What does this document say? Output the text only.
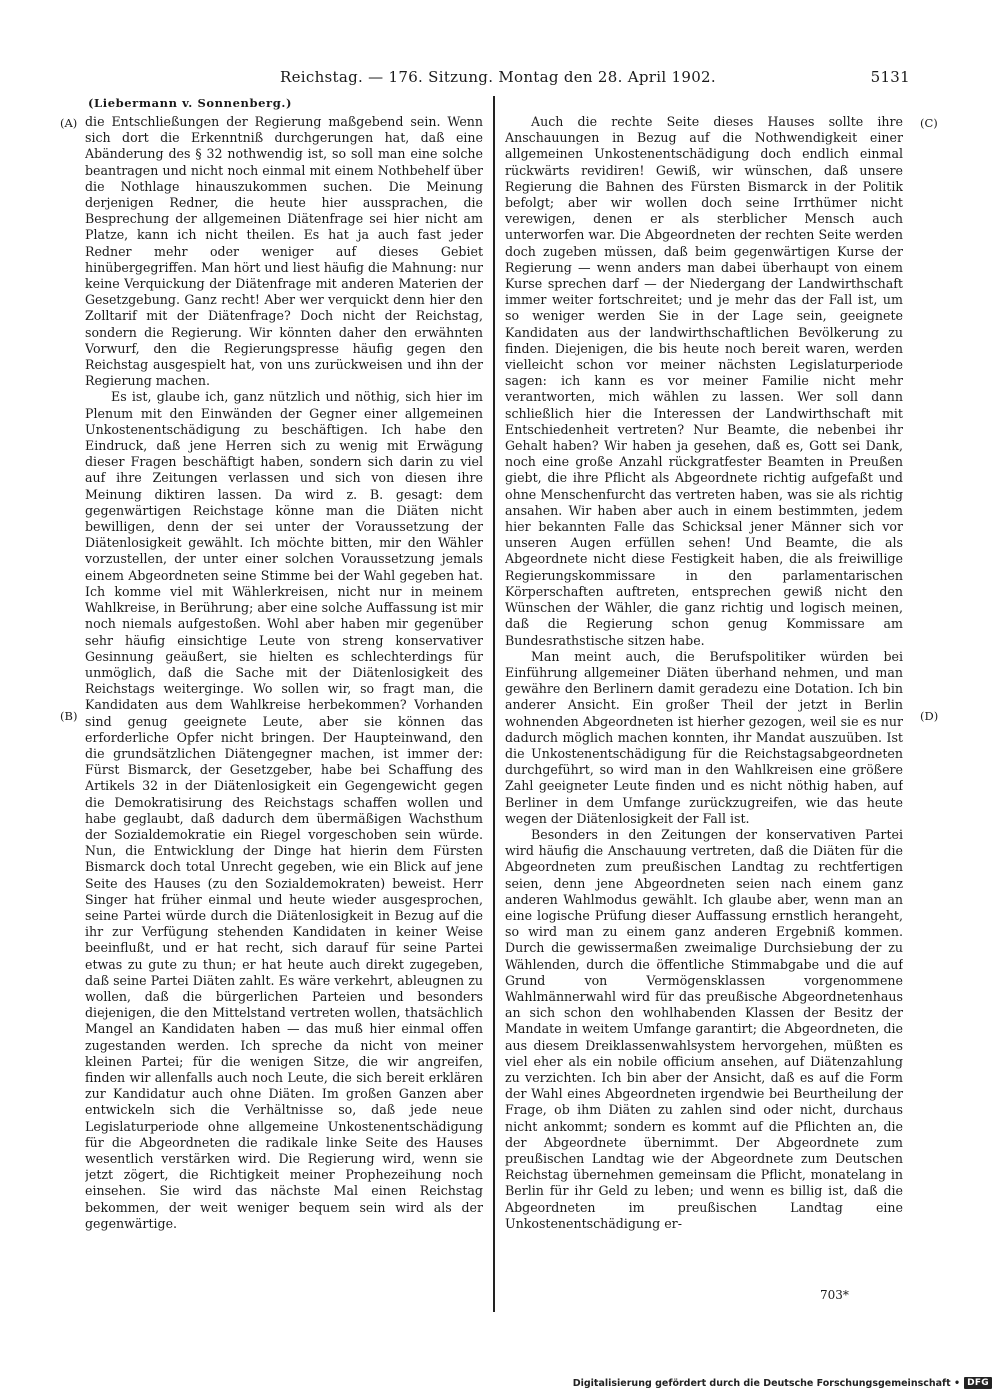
Reichstag. — 176. Sitzung. Montag den 28. April 1902.	5131
(Liebermann v. Sonnenberg.)
(A)
(B)
(C)
(D)

die Entschließungen der Regierung maßgebend sein. Wenn sich dort die Erkenntniß durchgerungen hat, daß eine Abänderung des § 32 nothwendig ist, so soll man eine solche beantragen und nicht noch einmal mit einem Nothbehelf über die Nothlage hinauszukommen suchen. Die Meinung derjenigen Redner, die heute hier aussprachen, die Besprechung der allgemeinen Diätenfrage sei hier nicht am Platze, kann ich nicht theilen. Es hat ja auch fast jeder Redner mehr oder weniger auf dieses Gebiet hinübergegriffen. Man hört und liest häufig die Mahnung: nur keine Verquickung der Diätenfrage mit anderen Materien der Gesetzgebung. Ganz recht! Aber wer verquickt denn hier den Zolltarif mit der Diätenfrage? Doch nicht der Reichstag, sondern die Regierung. Wir könnten daher den erwähnten Vorwurf, den die Regierungspresse häufig gegen den Reichstag ausgespielt hat, von uns zurückweisen und ihn der Regierung machen.

Es ist, glaube ich, ganz nützlich und nöthig, sich hier im Plenum mit den Einwänden der Gegner einer allgemeinen Unkostenentschädigung zu beschäftigen. Ich habe den Eindruck, daß jene Herren sich zu wenig mit Erwägung dieser Fragen beschäftigt haben, sondern sich darin zu viel auf ihre Zeitungen verlassen und sich von diesen ihre Meinung diktiren lassen. Da wird z. B. gesagt: dem gegenwärtigen Reichstage könne man die Diäten nicht bewilligen, denn der sei unter der Voraussetzung der Diätenlosigkeit gewählt. Ich möchte bitten, mir den Wähler vorzustellen, der unter einer solchen Voraussetzung jemals einem Abgeordneten seine Stimme bei der Wahl gegeben hat. Ich komme viel mit Wählerkreisen, nicht nur in meinem Wahlkreise, in Berührung; aber eine solche Auffassung ist mir noch niemals aufgestoßen. Wohl aber haben mir gegenüber sehr häufig einsichtige Leute von streng konservativer Gesinnung geäußert, sie hielten es schlechterdings für unmöglich, daß die Sache mit der Diätenlosigkeit des Reichstags weiterginge. Wo sollen wir, so fragt man, die Kandidaten aus dem Wahlkreise herbekommen? Vorhanden sind genug geeignete Leute, aber sie können das erforderliche Opfer nicht bringen. Der Haupteinwand, den die grundsätzlichen Diätengegner machen, ist immer der: Fürst Bismarck, der Gesetzgeber, habe bei Schaffung des Artikels 32 in der Diätenlosigkeit ein Gegengewicht gegen die Demokratisirung des Reichstags schaffen wollen und habe geglaubt, daß dadurch dem übermäßigen Wachsthum der Sozialdemokratie ein Riegel vorgeschoben sein würde. Nun, die Entwicklung der Dinge hat hierin dem Fürsten Bismarck doch total Unrecht gegeben, wie ein Blick auf jene Seite des Hauses (zu den Sozialdemokraten) beweist. Herr Singer hat früher einmal und heute wieder ausgesprochen, seine Partei würde durch die Diätenlosigkeit in Bezug auf die ihr zur Verfügung stehenden Kandidaten in keiner Weise beeinflußt, und er hat recht, sich darauf für seine Partei etwas zu gute zu thun; er hat heute auch direkt zugegeben, daß seine Partei Diäten zahlt. Es wäre verkehrt, ableugnen zu wollen, daß die bürgerlichen Parteien und besonders diejenigen, die den Mittelstand vertreten wollen, thatsächlich Mangel an Kandidaten haben — das muß hier einmal offen zugestanden werden. Ich spreche da nicht von meiner kleinen Partei; für die wenigen Sitze, die wir angreifen, finden wir allenfalls auch noch Leute, die sich bereit erklären zur Kandidatur auch ohne Diäten. Im großen Ganzen aber entwickeln sich die Verhältnisse so, daß jede neue Legislaturperiode ohne allgemeine Unkostenentschädigung für die Abgeordneten die radikale linke Seite des Hauses wesentlich verstärken wird. Die Regierung wird, wenn sie jetzt zögert, die Richtigkeit meiner Prophezeihung noch einsehen. Sie wird das nächste Mal einen Reichstag bekommen, der weit weniger bequem sein wird als der gegenwärtige.

Auch die rechte Seite dieses Hauses sollte ihre Anschauungen in Bezug auf die Nothwendigkeit einer allgemeinen Unkostenentschädigung doch endlich einmal rückwärts revidiren! Gewiß, wir wünschen, daß unsere Regierung die Bahnen des Fürsten Bismarck in der Politik befolgt; aber wir wollen doch seine Irrthümer nicht verewigen, denen er als sterblicher Mensch auch unterworfen war. Die Abgeordneten der rechten Seite werden doch zugeben müssen, daß beim gegenwärtigen Kurse der Regierung — wenn anders man dabei überhaupt von einem Kurse sprechen darf — der Niedergang der Landwirthschaft immer weiter fortschreitet; und je mehr das der Fall ist, um so weniger werden Sie in der Lage sein, geeignete Kandidaten aus der landwirthschaftlichen Bevölkerung zu finden. Diejenigen, die bis heute noch bereit waren, werden vielleicht schon vor meiner nächsten Legislaturperiode sagen: ich kann es vor meiner Familie nicht mehr verantworten, mich wählen zu lassen. Wer soll dann schließlich hier die Interessen der Landwirthschaft mit Entschiedenheit vertreten? Nur Beamte, die nebenbei ihr Gehalt haben? Wir haben ja gesehen, daß es, Gott sei Dank, noch eine große Anzahl rückgratfester Beamten in Preußen giebt, die ihre Pflicht als Abgeordnete richtig aufgefaßt und ohne Menschenfurcht das vertreten haben, was sie als richtig ansahen. Wir haben aber auch in einem bestimmten, jedem hier bekannten Falle das Schicksal jener Männer sich vor unseren Augen erfüllen sehen! Und Beamte, die als Abgeordnete nicht diese Festigkeit haben, die als freiwillige Regierungskommissare in den parlamentarischen Körperschaften auftreten, entsprechen gewiß nicht den Wünschen der Wähler, die ganz richtig und logisch meinen, daß die Regierung schon genug Kommissare am Bundesrathstische sitzen habe.

Man meint auch, die Berufspolitiker würden bei Einführung allgemeiner Diäten überhand nehmen, und man gewähre den Berlinern damit geradezu eine Dotation. Ich bin anderer Ansicht. Ein großer Theil der jetzt in Berlin wohnenden Abgeordneten ist hierher gezogen, weil sie es nur dadurch möglich machen konnten, ihr Mandat auszuüben. Ist die Unkostenentschädigung für die Reichstagsabgeordneten durchgeführt, so wird man in den Wahlkreisen eine größere Zahl geeigneter Leute finden und es nicht nöthig haben, auf Berliner in dem Umfange zurückzugreifen, wie das heute wegen der Diätenlosigkeit der Fall ist.

Besonders in den Zeitungen der konservativen Partei wird häufig die Anschauung vertreten, daß die Diäten für die Abgeordneten zum preußischen Landtag zu rechtfertigen seien, denn jene Abgeordneten seien nach einem ganz anderen Wahlmodus gewählt. Ich glaube aber, wenn man an eine logische Prüfung dieser Auffassung ernstlich herangeht, so wird man zu einem ganz anderen Ergebniß kommen. Durch die gewissermaßen zweimalige Durchsiebung der zu Wählenden, durch die öffentliche Stimmabgabe und die auf Grund von Vermögensklassen vorgenommene Wahlmännerwahl wird für das preußische Abgeordnetenhaus an sich schon den wohlhabenden Klassen der Besitz der Mandate in weitem Umfange garantirt; die Abgeordneten, die aus diesem Dreiklassenwahlsystem hervorgehen, müßten es viel eher als ein nobile officium ansehen, auf Diätenzahlung zu verzichten. Ich bin aber der Ansicht, daß es auf die Form der Wahl eines Abgeordneten irgendwie bei Beurtheilung der Frage, ob ihm Diäten zu zahlen sind oder nicht, durchaus nicht ankommt; sondern es kommt auf die Pflichten an, die der Abgeordnete übernimmt. Der Abgeordnete zum preußischen Landtag wie der Abgeordnete zum Deutschen Reichstag übernehmen gemeinsam die Pflicht, monatelang in Berlin für ihr Geld zu leben; und wenn es billig ist, daß die Abgeordneten im preußischen Landtag eine Unkostenentschädigung er-

703*
Digitalisierung gefördert durch die Deutsche Forschungsgemeinschaft • DFG
